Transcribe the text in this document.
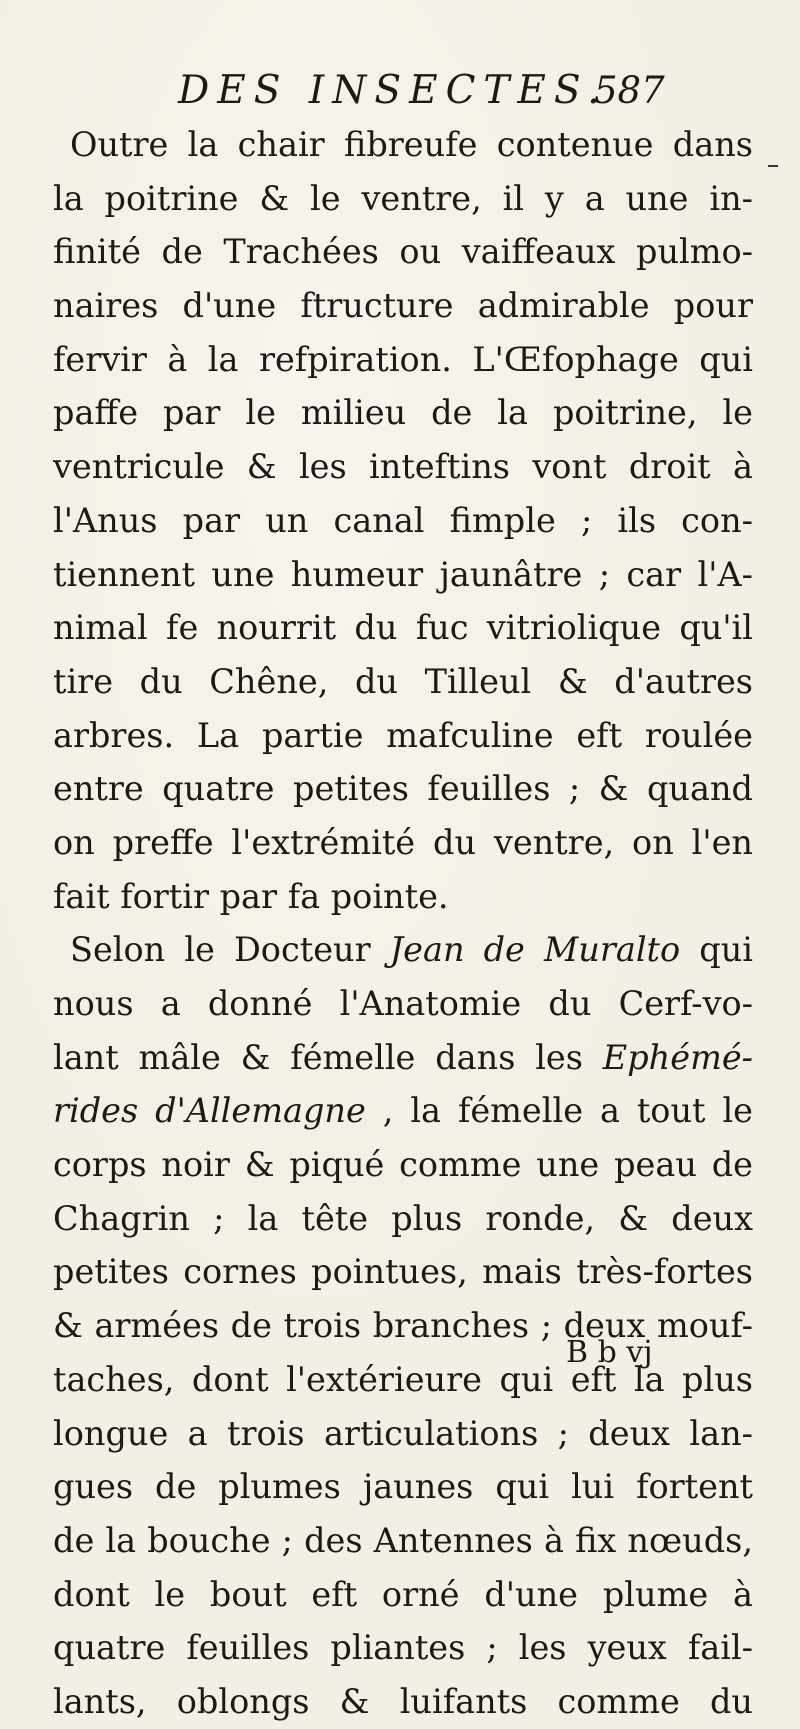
DES INSECTES.
587
Outre la chair fibreufe contenue dans
la poitrine & le ventre, il y a une in-
finité de Trachées ou vaiffeaux pulmo-
naires d'une ftructure admirable pour
fervir à la refpiration. L'Œfophage qui
paffe par le milieu de la poitrine, le
ventricule & les inteftins vont droit à
l'Anus par un canal fimple ; ils con-
tiennent une humeur jaunâtre ; car l'A-
nimal fe nourrit du fuc vitriolique qu'il
tire du Chêne, du Tilleul & d'autres
arbres. La partie mafculine eft roulée
entre quatre petites feuilles ; & quand
on preffe l'extrémité du ventre, on l'en
fait fortir par fa pointe.
Selon le Docteur Jean de Muralto qui
nous a donné l'Anatomie du Cerf-vo-
lant mâle & fémelle dans les Ephémé-
rides d'Allemagne , la fémelle a tout le
corps noir & piqué comme une peau de
Chagrin ; la tête plus ronde, & deux
petites cornes pointues, mais très-fortes
& armées de trois branches ; deux mouf-
taches, dont l'extérieure qui eft la plus
longue a trois articulations ; deux lan-
gues de plumes jaunes qui lui fortent
de la bouche ; des Antennes à fix nœuds,
dont le bout eft orné d'une plume à
quatre feuilles pliantes ; les yeux fail-
lants, oblongs & luifants comme du
B b vj
